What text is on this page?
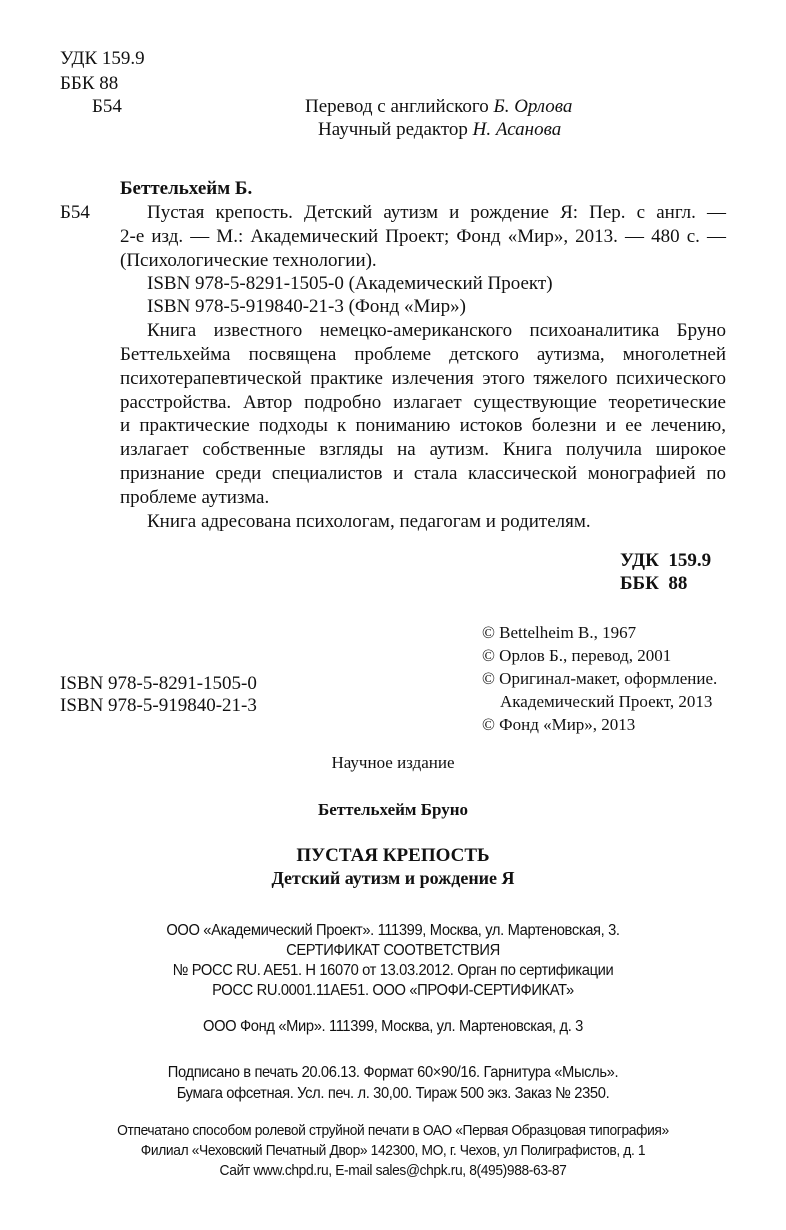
УДК 159.9
ББК 88
Б54	Перевод с английского Б. Орлова
Научный редактор Н. Асанова
Беттельхейм Б.
Б54	Пустая крепость. Детский аутизм и рождение Я: Пер. с англ. —
2-е изд. — М.: Академический Проект; Фонд «Мир», 2013. — 480 с. —
(Психологические технологии).
ISBN 978-5-8291-1505-0 (Академический Проект)
ISBN 978-5-919840-21-3 (Фонд «Мир»)
Книга известного немецко-американского психоаналитика Бруно
Беттельхейма посвящена проблеме детского аутизма, многолетней
психотерапевтической практике излечения этого тяжелого психического
расстройства. Автор подробно излагает существующие теоретические
и практические подходы к пониманию истоков болезни и ее лечению,
излагает собственные взгляды на аутизм. Книга получила широкое
признание среди специалистов и стала классической монографией по
проблеме аутизма.
Книга адресована психологам, педагогам и родителям.
УДК  159.9
ББК  88
© Bettelheim B., 1967
© Орлов Б., перевод, 2001
© Оригинал-макет, оформление.
Академический Проект, 2013
© Фонд «Мир», 2013
ISBN 978-5-8291-1505-0
ISBN 978-5-919840-21-3
Научное издание
Беттельхейм Бруно
ПУСТАЯ КРЕПОСТЬ
Детский аутизм и рождение Я
ООО «Академический Проект». 111399, Москва, ул. Мартеновская, 3.
СЕРТИФИКАТ СООТВЕТСТВИЯ
№ РОСС RU. AE51. H 16070 от 13.03.2012. Орган по сертификации
РОСС RU.0001.11AE51. ООО «ПРОФИ-СЕРТИФИКАТ»
ООО Фонд «Мир». 111399, Москва, ул. Мартеновская, д. 3
Подписано в печать 20.06.13. Формат 60×90/16. Гарнитура «Мысль».
Бумага офсетная. Усл. печ. л. 30,00. Тираж 500 экз. Заказ № 2350.
Отпечатано способом ролевой струйной печати в ОАО «Первая Образцовая типография»
Филиал «Чеховский Печатный Двор» 142300, МО, г. Чехов, ул Полиграфистов, д. 1
Сайт www.chpd.ru, E-mail sales@chpk.ru, 8(495)988-63-87
